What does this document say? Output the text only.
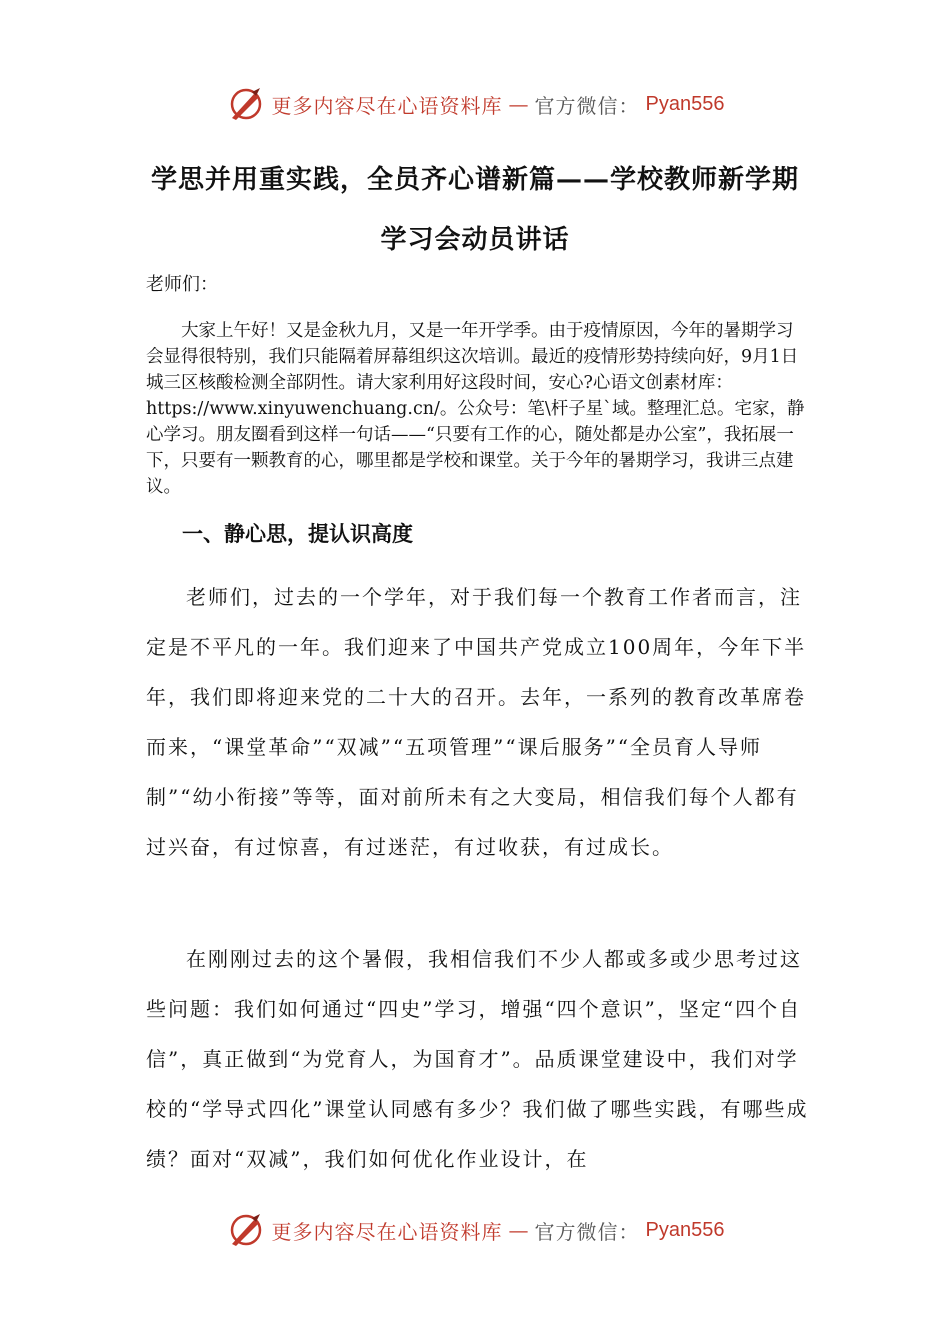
更多内容尽在心语资料库 — 官方微信： Pyan556
学思并用重实践，全员齐心谱新篇——学校教师新学期学习会动员讲话
老师们：

大家上午好！又是金秋九月，又是一年开学季。由于疫情原因，今年的暑期学习会显得很特别，我们只能隔着屏幕组织这次培训。最近的疫情形势持续向好，9月1日城三区核酸检测全部阴性。请大家利用好这段时间，安心?心语文创素材库：https://www.xinyuwenchuang.cn/。公众号：笔\杆子星`域。整理汇总。宅家，静心学习。朋友圈看到这样一句话——“只要有工作的心，随处都是办公室”，我拓展一下，只要有一颗教育的心，哪里都是学校和课堂。关于今年的暑期学习，我讲三点建议。

一、静心思，提认识高度

老师们，过去的一个学年，对于我们每一个教育工作者而言，注定是不平凡的一年。我们迎来了中国共产党成立100周年，今年下半年，我们即将迎来党的二十大的召开。去年，一系列的教育改革席卷而来，“课堂革命”“双减”“五项管理”“课后服务”“全员育人导师制”“幼小衔接”等等，面对前所未有之大变局，相信我们每个人都有过兴奋，有过惊喜，有过迷茫，有过收获，有过成长。

在刚刚过去的这个暑假，我相信我们不少人都或多或少思考过这些问题：我们如何通过“四史”学习，增强“四个意识”，坚定“四个自信”，真正做到“为党育人，为国育才”。品质课堂建设中，我们对学校的“学导式四化”课堂认同感有多少？我们做了哪些实践，有哪些成绩？面对“双减”，我们如何优化作业设计，在

更多内容尽在心语资料库 — 官方微信： Pyan556
